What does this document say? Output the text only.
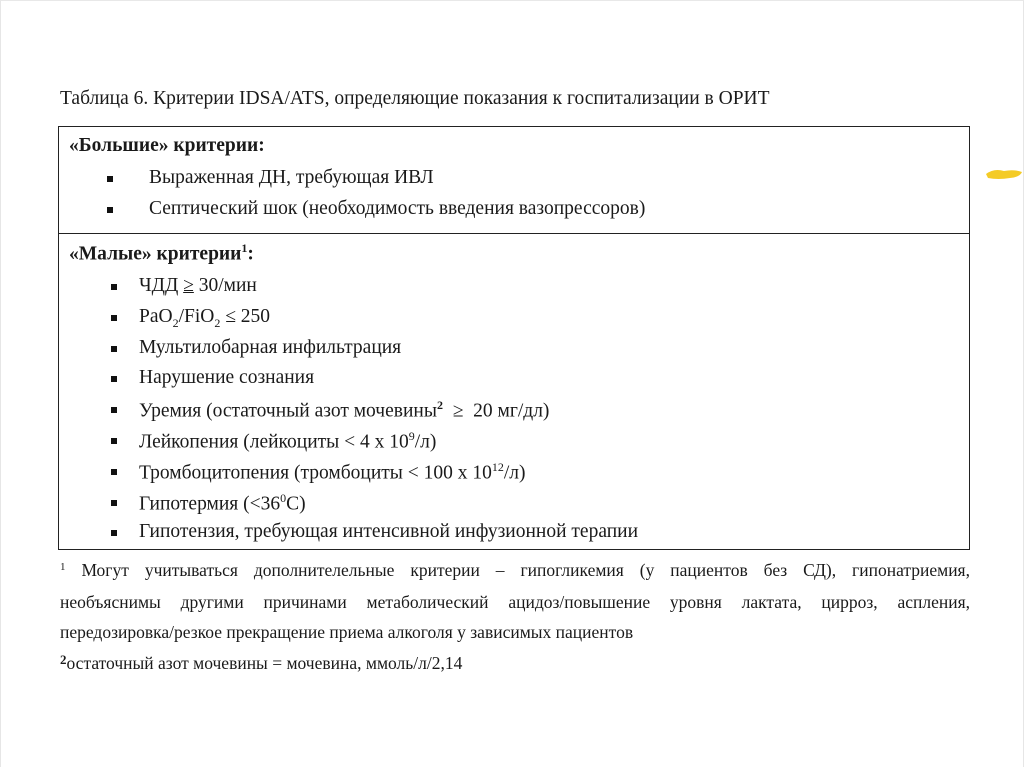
Таблица 6. Критерии IDSA/ATS, определяющие показания к госпитализации в ОРИТ
«Большие» критерии:
Выраженная ДН, требующая ИВЛ
Септический шок (необходимость введения вазопрессоров)
«Малые» критерии$^1$:
ЧДД ≥ 30/мин
PaO$_2$/FiO$_2$ ≤ 250
Мультилобарная инфильтрация
Нарушение сознания
Уремия (остаточный азот мочевины$^2$  ≥  20 мг/дл)
Лейкопения (лейкоциты < 4 х $10^9/л$)
Тромбоцитопения (тромбоциты < 100 х $10^{12}/л$)
Гипотермия $(<36^0С)$
Гипотензия, требующая интенсивной инфузионной терапии
$^1$ Могут учитываться дополнителельные критерии – гипогликемия (у пациентов без СД), гипонатриемия,
необъяснимы другими причинами метаболический ацидоз/повышение уровня лактата, цирроз, аспления,
передозировка/резкое прекращение приема алкоголя у зависимых пациентов
$^2$остаточный азот мочевины = мочевина, ммоль/л/2,14
